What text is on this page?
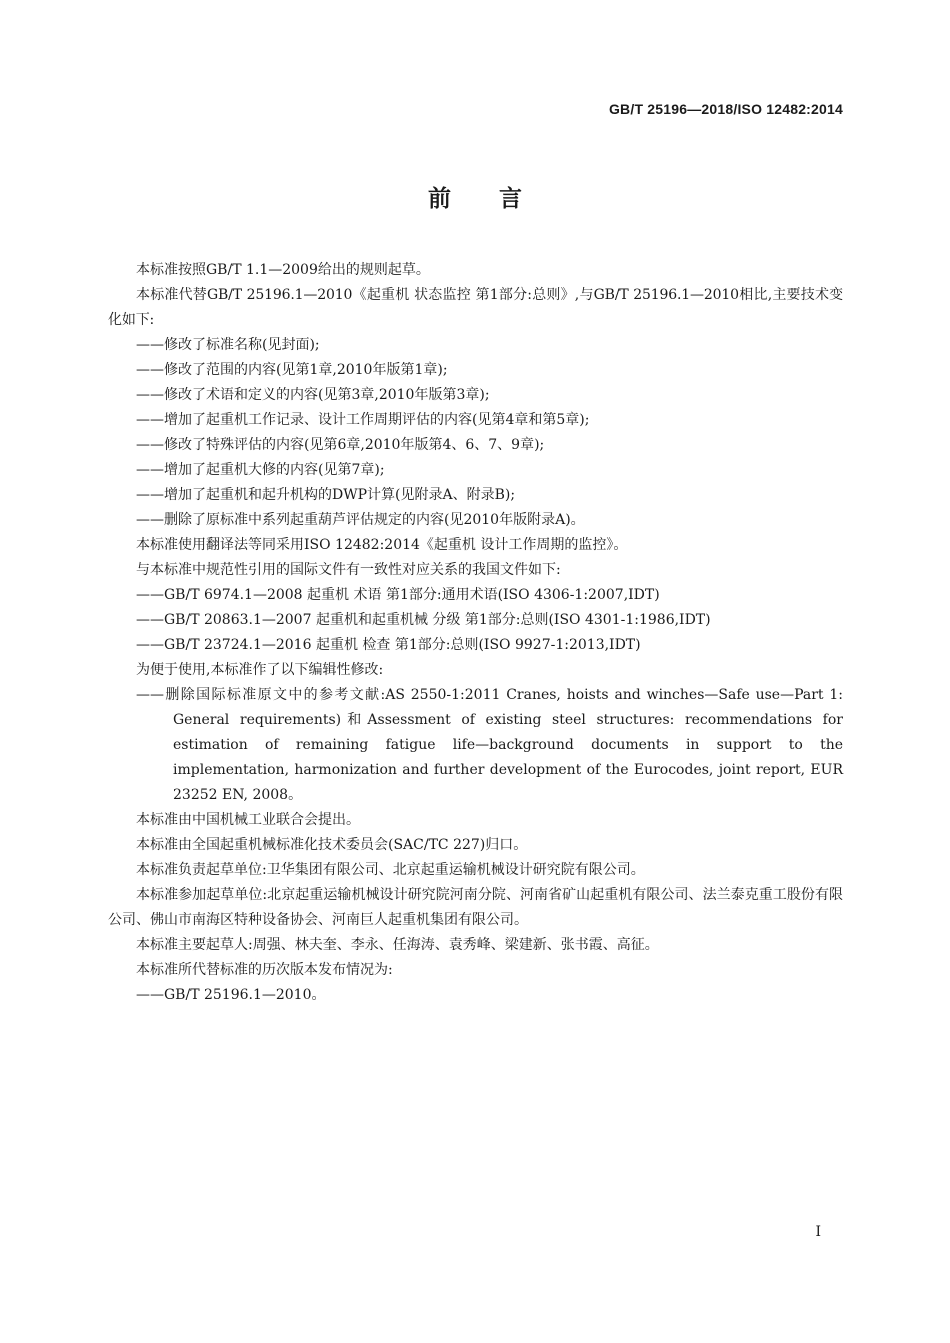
GB/T 25196—2018/ISO 12482:2014
前言

本标准按照GB/T 1.1—2009给出的规则起草。

本标准代替GB/T 25196.1—2010《起重机 状态监控 第1部分:总则》,与GB/T 25196.1—2010相比,主要技术变化如下:

——修改了标准名称(见封面);

——修改了范围的内容(见第1章,2010年版第1章);

——修改了术语和定义的内容(见第3章,2010年版第3章);

——增加了起重机工作记录、设计工作周期评估的内容(见第4章和第5章);

——修改了特殊评估的内容(见第6章,2010年版第4、6、7、9章);

——增加了起重机大修的内容(见第7章);

——增加了起重机和起升机构的DWP计算(见附录A、附录B);

——删除了原标准中系列起重葫芦评估规定的内容(见2010年版附录A)。

本标准使用翻译法等同采用ISO 12482:2014《起重机 设计工作周期的监控》。

与本标准中规范性引用的国际文件有一致性对应关系的我国文件如下:

——GB/T 6974.1—2008 起重机 术语 第1部分:通用术语(ISO 4306-1:2007,IDT)

——GB/T 20863.1—2007 起重机和起重机械 分级 第1部分:总则(ISO 4301-1:1986,IDT)

——GB/T 23724.1—2016 起重机 检查 第1部分:总则(ISO 9927-1:2013,IDT)

为便于使用,本标准作了以下编辑性修改:

——删除国际标准原文中的参考文献:AS 2550-1:2011 Cranes, hoists and winches—Safe use—Part 1: General requirements)和Assessment of existing steel structures: recommendations for estimation of remaining fatigue life—background documents in support to the implementation, harmonization and further development of the Eurocodes, joint report, EUR 23252 EN, 2008。

本标准由中国机械工业联合会提出。

本标准由全国起重机械标准化技术委员会(SAC/TC 227)归口。

本标准负责起草单位:卫华集团有限公司、北京起重运输机械设计研究院有限公司。

本标准参加起草单位:北京起重运输机械设计研究院河南分院、河南省矿山起重机有限公司、法兰泰克重工股份有限公司、佛山市南海区特种设备协会、河南巨人起重机集团有限公司。

本标准主要起草人:周强、林夫奎、李永、任海涛、袁秀峰、梁建新、张书霞、高征。

本标准所代替标准的历次版本发布情况为:

——GB/T 25196.1—2010。

I
